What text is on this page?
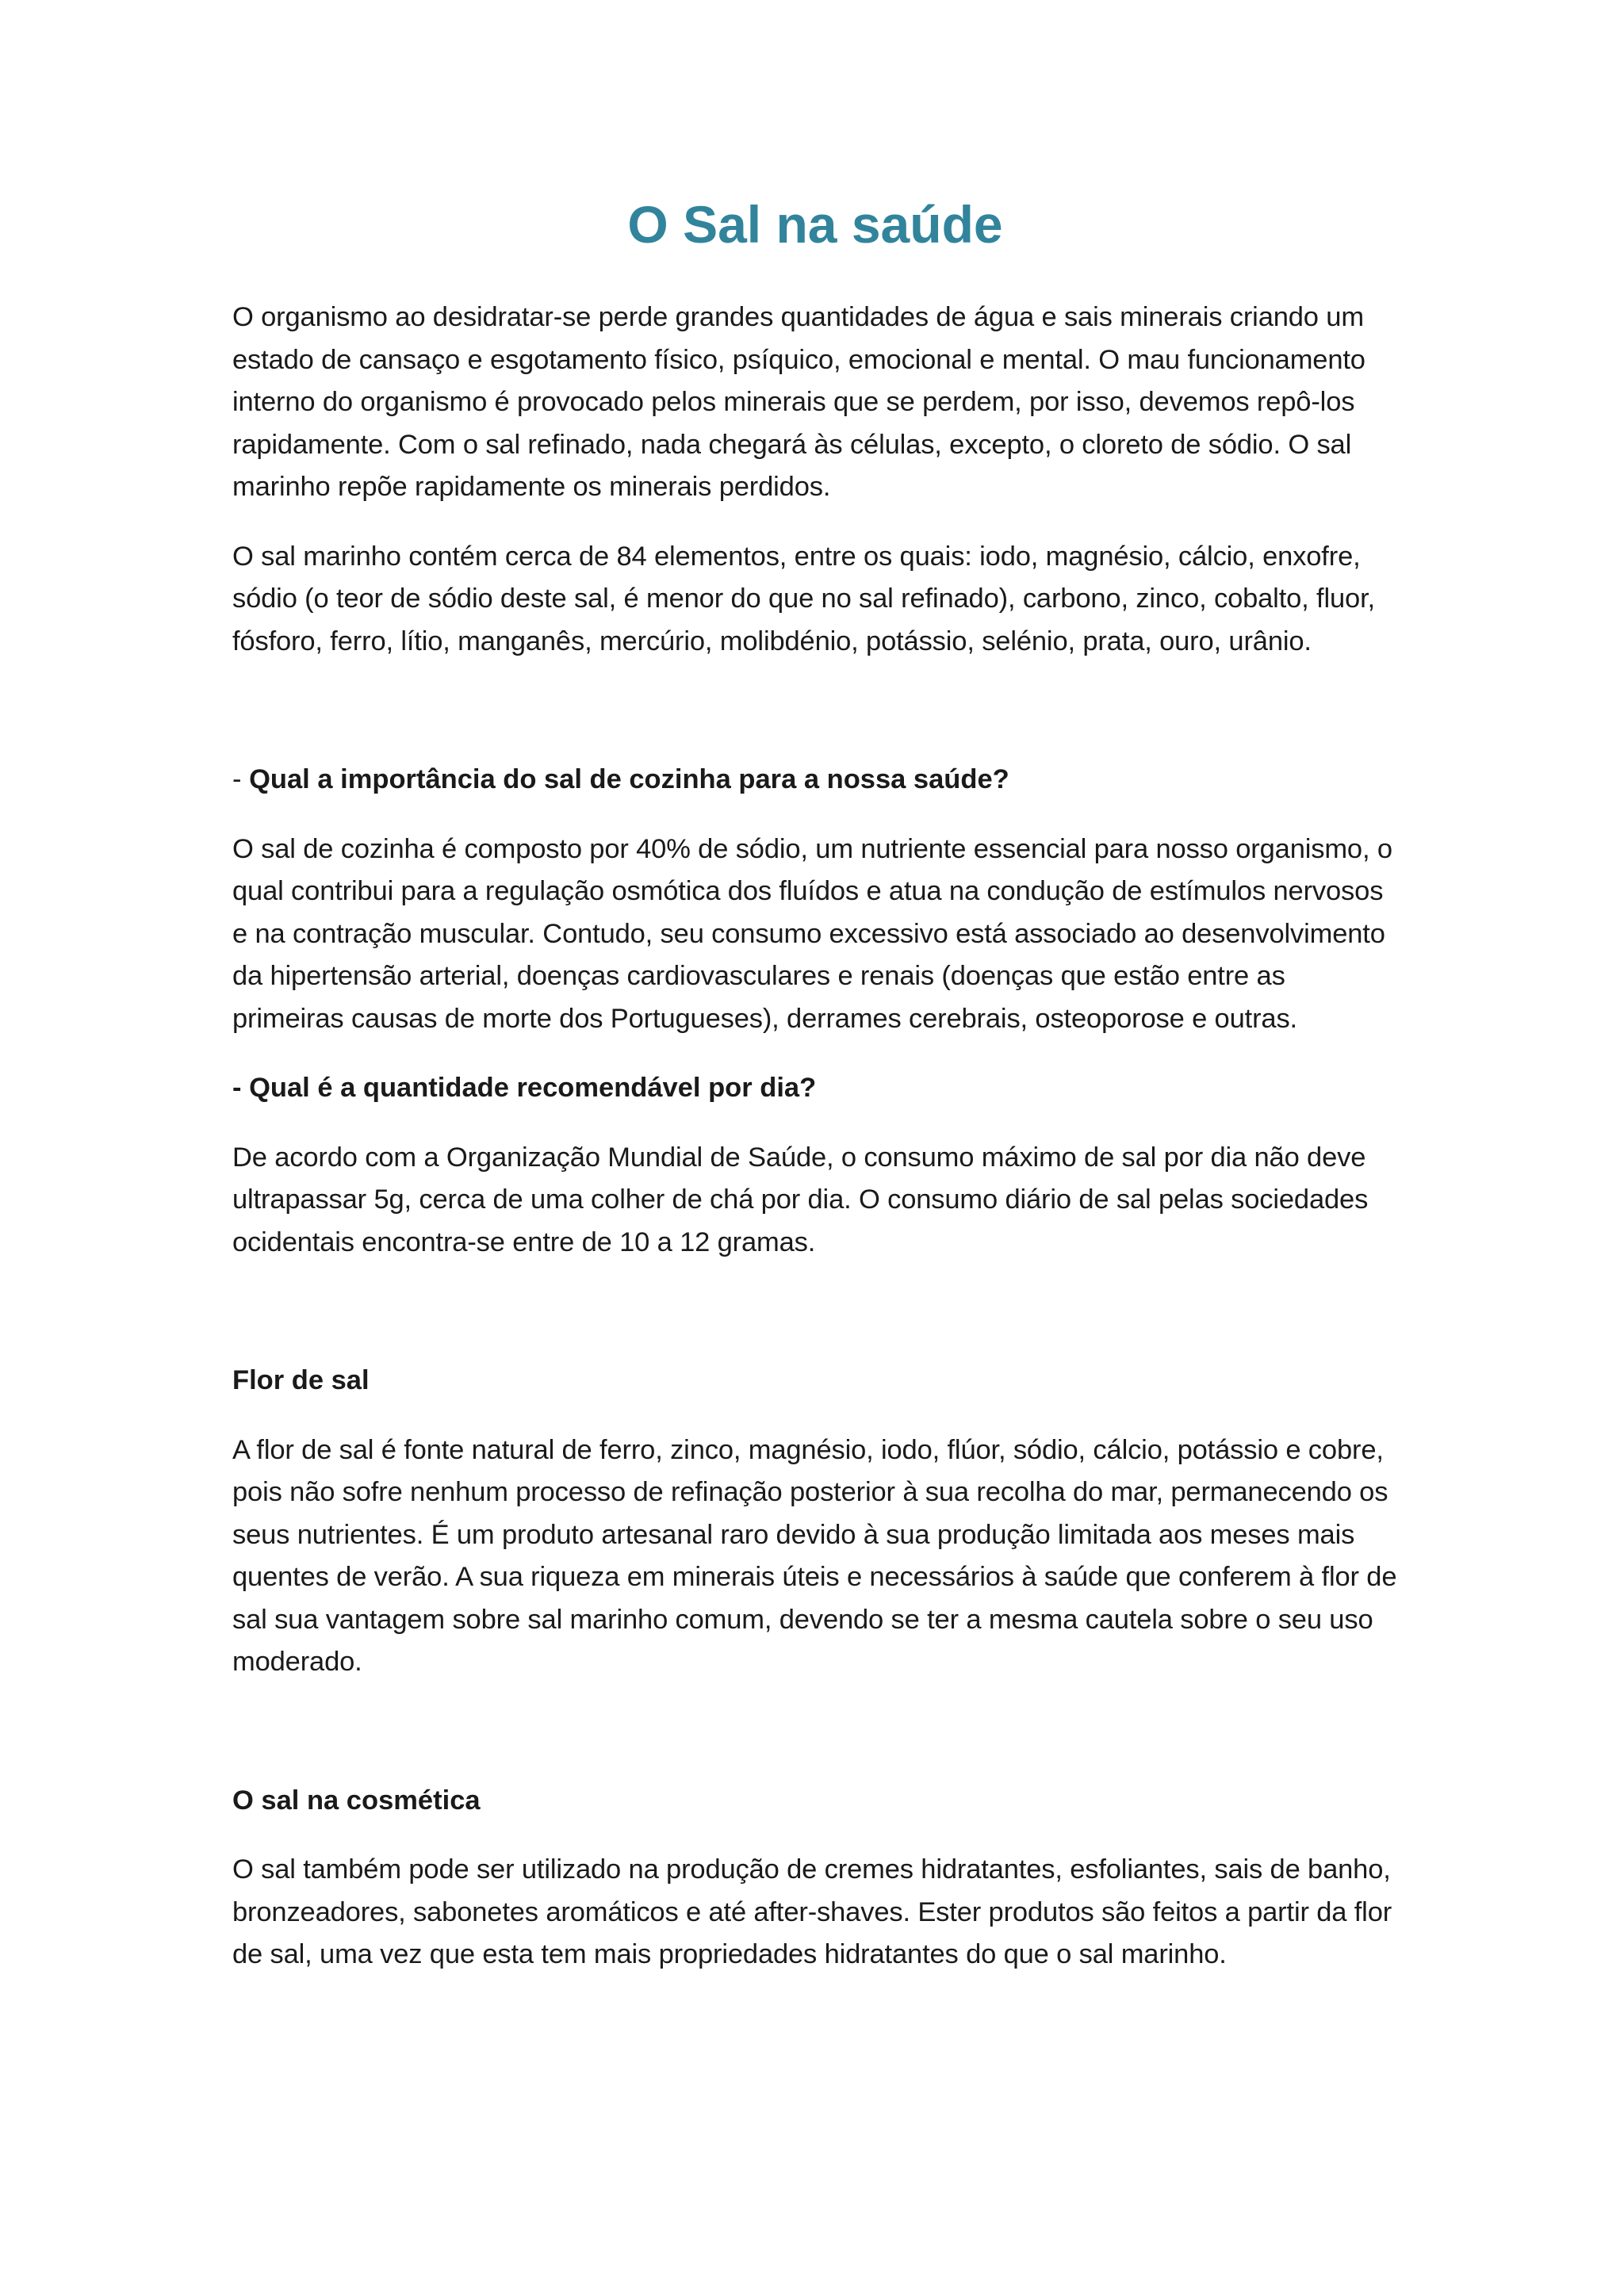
O Sal na saúde

O organismo ao desidratar-se perde grandes quantidades de água e sais minerais criando um estado de cansaço e esgotamento físico, psíquico, emocional e mental. O mau funcionamento interno do organismo é provocado pelos minerais que se perdem, por isso, devemos repô-los rapidamente. Com o sal refinado, nada chegará às células, excepto, o cloreto de sódio. O sal marinho repõe rapidamente os minerais perdidos.

O sal marinho contém cerca de 84 elementos, entre os quais: iodo, magnésio, cálcio, enxofre, sódio (o teor de sódio deste sal, é menor do que no sal refinado), carbono, zinco, cobalto, fluor, fósforo, ferro, lítio, manganês, mercúrio, molibdénio, potássio, selénio, prata, ouro, urânio.

- Qual a importância do sal de cozinha para a nossa saúde?

O sal de cozinha é composto por 40% de sódio, um nutriente essencial para nosso organismo, o qual contribui para a regulação osmótica dos fluídos e atua na condução de estímulos nervosos e na contração muscular. Contudo, seu consumo excessivo está associado ao desenvolvimento da hipertensão arterial, doenças cardiovasculares e renais (doenças que estão entre as primeiras causas de morte dos Portugueses), derrames cerebrais, osteoporose e outras.

- Qual é a quantidade recomendável por dia?

De acordo com a Organização Mundial de Saúde, o consumo máximo de sal por dia não deve ultrapassar 5g, cerca de uma colher de chá por dia. O consumo diário de sal pelas sociedades ocidentais encontra-se entre de 10 a 12 gramas.

Flor de sal

A flor de sal é fonte natural de ferro, zinco, magnésio, iodo, flúor, sódio, cálcio, potássio e cobre, pois não sofre nenhum processo de refinação posterior à sua recolha do mar, permanecendo os seus nutrientes. É um produto artesanal raro devido à sua produção limitada aos meses mais quentes de verão. A sua riqueza em minerais úteis e necessários à saúde que conferem à flor de sal sua vantagem sobre sal marinho comum, devendo se ter a mesma cautela sobre o seu uso moderado.

O sal na cosmética

O sal também pode ser utilizado na produção de cremes hidratantes, esfoliantes, sais de banho, bronzeadores, sabonetes aromáticos e até after-shaves. Ester produtos são feitos a partir da flor de sal, uma vez que esta tem mais propriedades hidratantes do que o sal marinho.
